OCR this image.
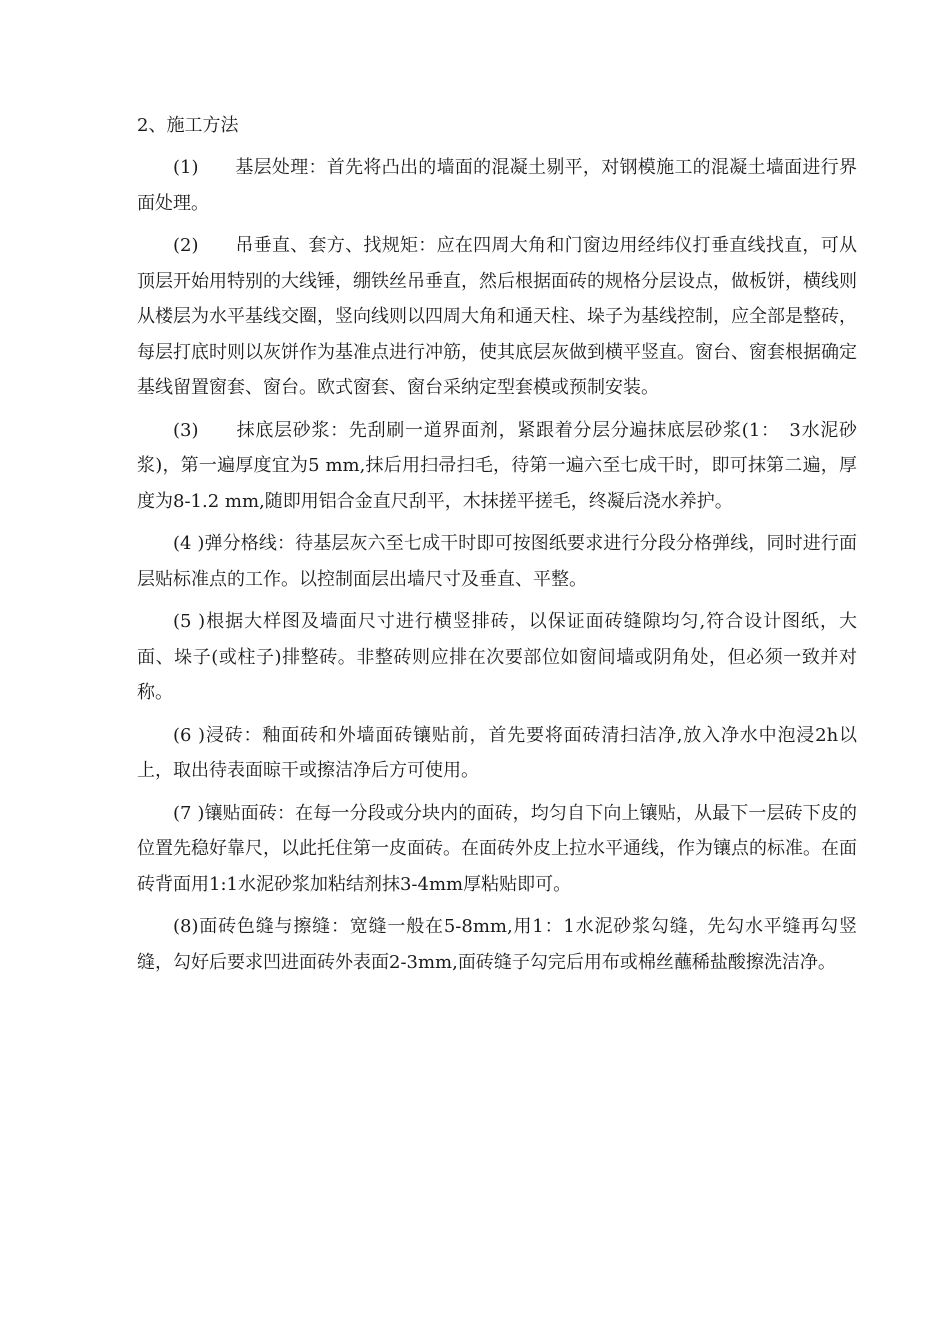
2、施工方法

(1)　　基层处理：首先将凸出的墙面的混凝土剔平，对钢模施工的混凝土墙面进行界面处理。

(2)　　吊垂直、套方、找规矩：应在四周大角和门窗边用经纬仪打垂直线找直，可从顶层开始用特别的大线锤，绷铁丝吊垂直，然后根据面砖的规格分层设点，做板饼，横线则从楼层为水平基线交圈，竖向线则以四周大角和通天柱、垛子为基线控制，应全部是整砖，每层打底时则以灰饼作为基准点进行冲筋，使其底层灰做到横平竖直。窗台、窗套根据确定基线留置窗套、窗台。欧式窗套、窗台采纳定型套模或预制安装。

(3)　　抹底层砂浆：先刮刷一道界面剂，紧跟着分层分遍抹底层砂浆(1：　3水泥砂浆)，第一遍厚度宜为5 mm,抹后用扫帚扫毛，待第一遍六至七成干时，即可抹第二遍，厚度为8-1.2 mm,随即用铝合金直尺刮平，木抹搓平搓毛，终凝后浇水养护。

(4 )弹分格线：待基层灰六至七成干时即可按图纸要求进行分段分格弹线，同时进行面层贴标准点的工作。以控制面层出墙尺寸及垂直、平整。

(5 )根据大样图及墙面尺寸进行横竖排砖，以保证面砖缝隙均匀,符合设计图纸，大面、垛子(或柱子)排整砖。非整砖则应排在次要部位如窗间墙或阴角处，但必须一致并对称。

(6 )浸砖：釉面砖和外墙面砖镶贴前，首先要将面砖清扫洁净,放入净水中泡浸2h以上，取出待表面晾干或擦洁净后方可使用。

(7 )镶贴面砖：在每一分段或分块内的面砖，均匀自下向上镶贴，从最下一层砖下皮的位置先稳好靠尺，以此托住第一皮面砖。在面砖外皮上拉水平通线，作为镶点的标准。在面砖背面用1:1水泥砂浆加粘结剂抹3-4mm厚粘贴即可。

(8)面砖色缝与擦缝：宽缝一般在5-8mm,用1：1水泥砂浆勾缝，先勾水平缝再勾竖缝，勾好后要求凹进面砖外表面2-3mm,面砖缝子勾完后用布或棉丝蘸稀盐酸擦洗洁净。
